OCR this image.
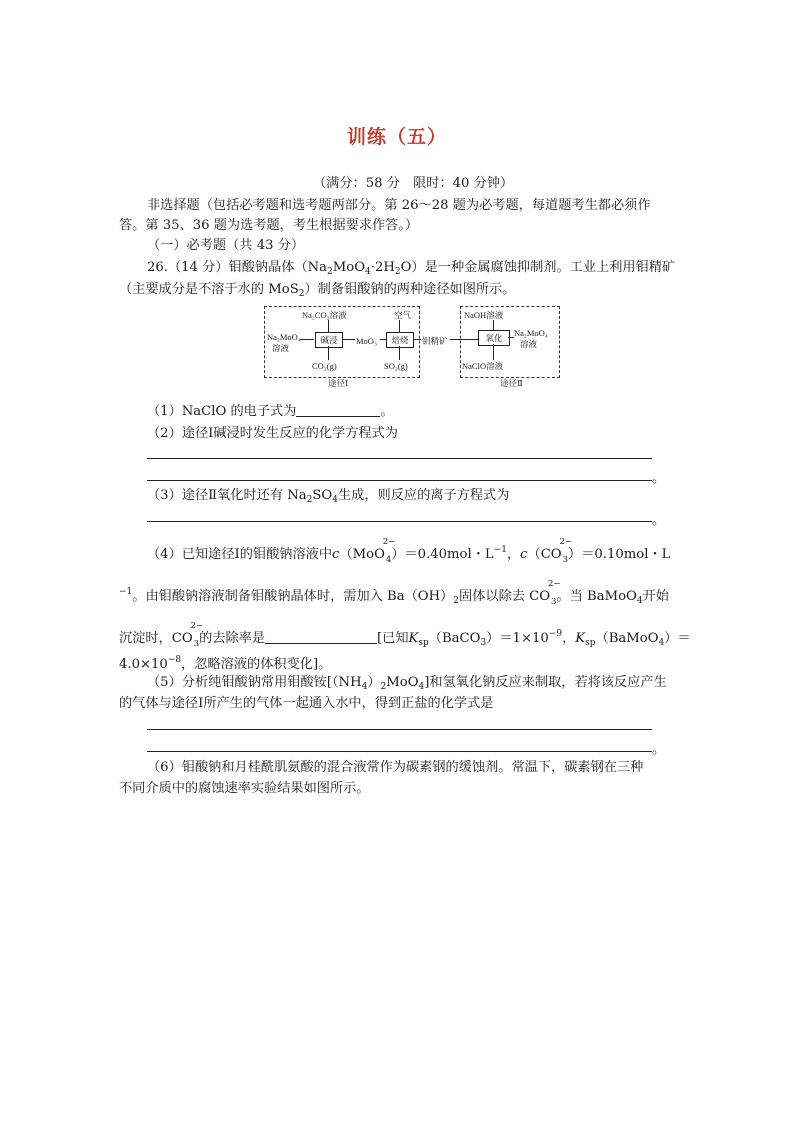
训练（五）
（满分：58 分　限时：40 分钟）
非选择题（包括必考题和选考题两部分。第 26～28 题为必考题，每道题考生都必须作
答。第 35、36 题为选考题，考生根据要求作答。）
（一）必考题（共 43 分）
26.（14 分）钼酸钠晶体$(Na_2MoO_4\cdot 2H_2O)$是一种金属腐蚀抑制剂。工业上利用钼精矿
（主要成分是不溶于水的 MoS$_2$）制备钼酸钠的两种途径如图所示。
Na₂CO₃溶液	空气
Na₂MoO₄
溶液
碱浸	MoO₃	焙烧	钼精矿
CO₂(g)	SO₂(g)
NaOH溶液
氧化
NaClO溶液
Na₂MoO₄
溶液
途径Ⅰ	途径Ⅱ
（1）NaClO 的电子式为	。
（2）途径Ⅰ碱浸时发生反应的化学方程式为
。
（3）途径Ⅱ氧化时还有 $Na_2SO_4$生成，则反应的离子方程式为
。
（4）已知途径Ⅰ的钼酸钠溶液中c（MoO$_4$
2−
）＝0.40mol・$L^{-1}$，$c(CO_3$
2−
）＝0.10mol・L
$^{-1}$。由钼酸钠溶液制备钼酸钠晶体时，需加入 $Ba(OH)_2$固体以除去 $CO_3$
2−
。当 BaMoO$_4$开始
沉淀时，$CO_3$
2−
的去除率是	[已知$K_{sp}(BaCO_3)=1\times 10^{-9}$，$K_{sp}(BaMoO_4)=$
$4.0\times 10^{-8}$，忽略溶液的体积变化]。
（5）分析纯钼酸钠常用钼酸铵$[(NH_4)_2MoO_4]$和氢氧化钠反应来制取，若将该反应产生
的气体与途径Ⅰ所产生的气体一起通入水中，得到正盐的化学式是
。
（6）钼酸钠和月桂酰肌氨酸的混合液常作为碳素钢的缓蚀剂。常温下，碳素钢在三种
不同介质中的腐蚀速率实验结果如图所示。
